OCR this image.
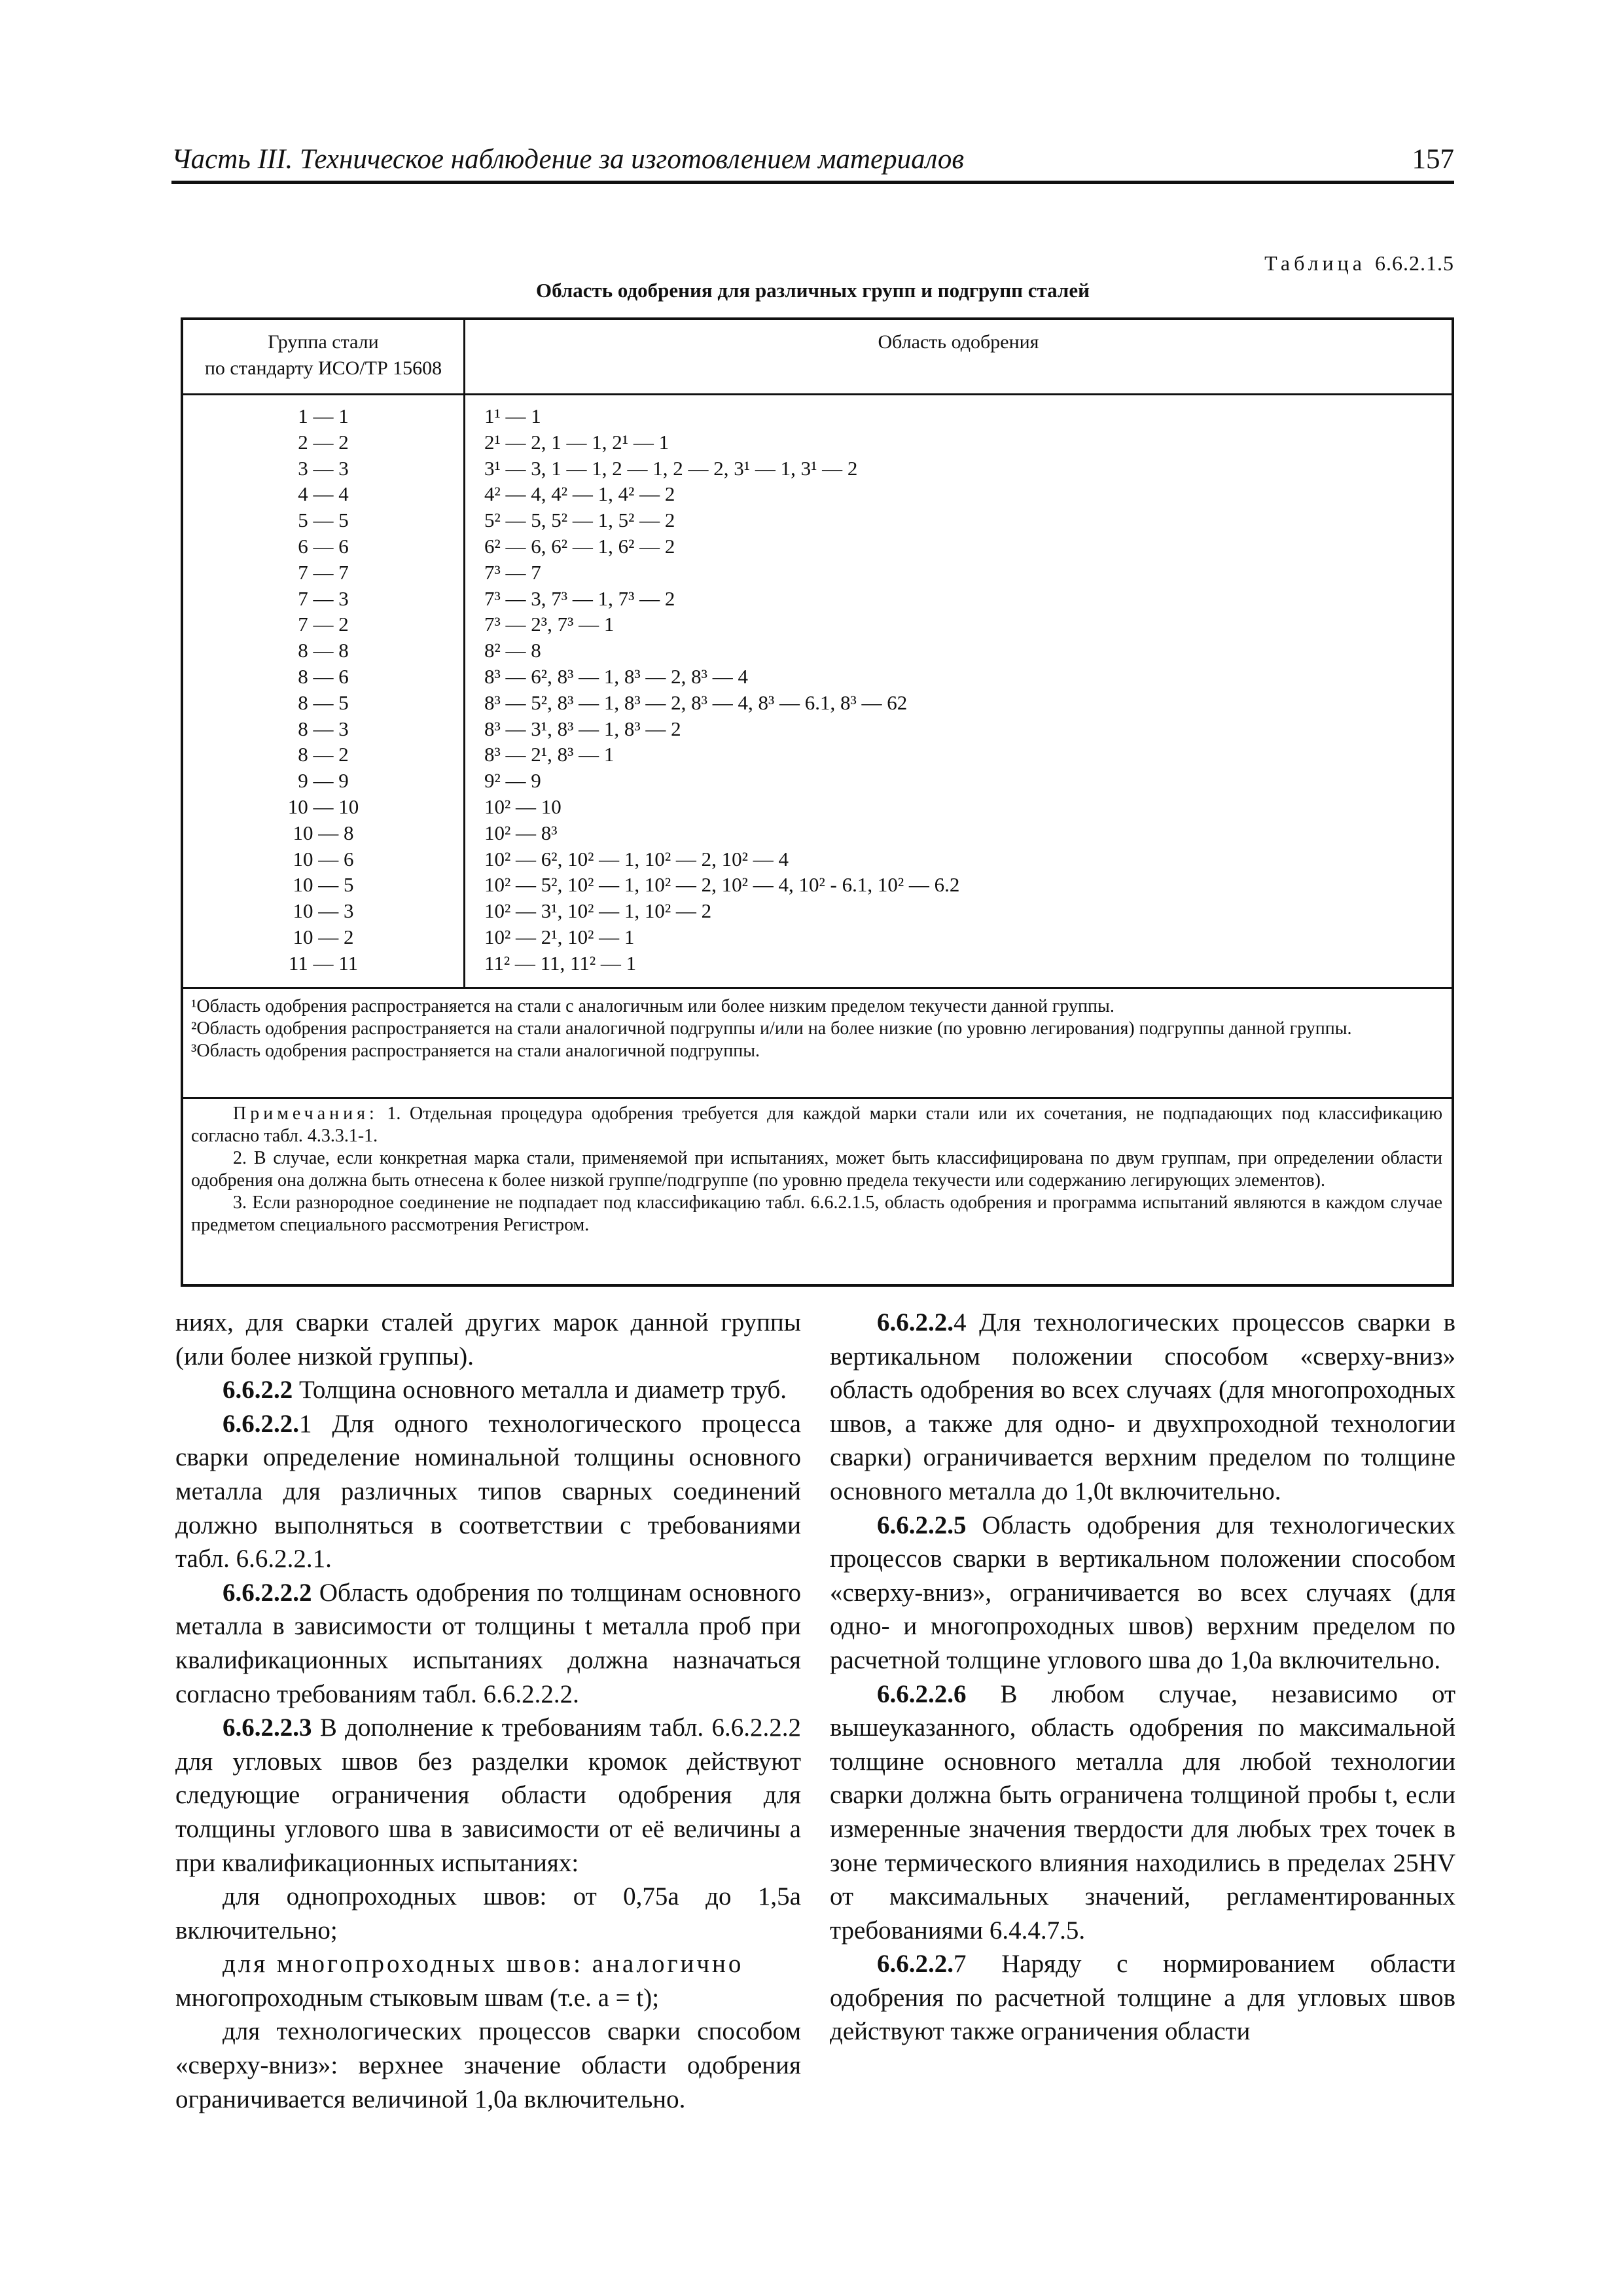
Часть III. Техническое наблюдение за изготовлением материалов	157
Таблица 6.6.2.1.5
Область одобрения для различных групп и подгрупп сталей
Группа стали
по стандарту ИСО/ТР 15608
Область одобрения
1 — 1
2 — 2
3 — 3
4 — 4
5 — 5
6 — 6
7 — 7
7 — 3
7 — 2
8 — 8
8 — 6
8 — 5
8 — 3
8 — 2
9 — 9
10 — 10
10 — 8
10 — 6
10 — 5
10 — 3
10 — 2
11 — 11
1¹ — 1
2¹ — 2, 1 — 1, 2¹ — 1
3¹ — 3, 1 — 1, 2 — 1, 2 — 2, 3¹ — 1, 3¹ — 2
4² — 4, 4² — 1, 4² — 2
5² — 5, 5² — 1, 5² — 2
6² — 6, 6² — 1, 6² — 2
7³ — 7
7³ — 3, 7³ — 1, 7³ — 2
7³ — 2³, 7³ — 1
8² — 8
8³ — 6², 8³ — 1, 8³ — 2, 8³ — 4
8³ — 5², 8³ — 1, 8³ — 2, 8³ — 4, 8³ — 6.1, 8³ — 62
8³ — 3¹, 8³ — 1, 8³ — 2
8³ — 2¹, 8³ — 1
9² — 9
10² — 10
10² — 8³
10² — 6², 10² — 1, 10² — 2, 10² — 4
10² — 5², 10² — 1, 10² — 2, 10² — 4, 10² - 6.1, 10² — 6.2
10² — 3¹, 10² — 1, 10² — 2
10² — 2¹, 10² — 1
11² — 11, 11² — 1

¹Область одобрения распространяется на стали с аналогичным или более низким пределом текучести данной группы.

²Область одобрения распространяется на стали аналогичной подгруппы и/или на более низкие (по уровню легирования) подгруппы данной группы.

³Область одобрения распространяется на стали аналогичной подгруппы.

Примечания: 1. Отдельная процедура одобрения требуется для каждой марки стали или их сочетания, не подпадающих под классификацию согласно табл. 4.3.3.1-1.

2. В случае, если конкретная марка стали, применяемой при испытаниях, может быть классифицирована по двум группам, при определении области одобрения она должна быть отнесена к более низкой группе/подгруппе (по уровню предела текучести или содержанию легирующих элементов).

3. Если разнородное соединение не подпадает под классификацию табл. 6.6.2.1.5, область одобрения и программа испытаний являются в каждом случае предметом специального рассмотрения Регистром.

ниях, для сварки сталей других марок данной группы (или более низкой группы).

6.6.2.2 Толщина основного металла и диаметр труб.

6.6.2.2.1 Для одного технологического процесса сварки определение номинальной толщины основного металла для различных типов сварных соединений должно выполняться в соответствии с требованиями табл. 6.6.2.2.1.

6.6.2.2.2 Область одобрения по толщинам основного металла в зависимости от толщины t металла проб при квалификационных испытаниях должна назначаться согласно требованиям табл. 6.6.2.2.2.

6.6.2.2.3 В дополнение к требованиям табл. 6.6.2.2.2 для угловых швов без разделки кромок действуют следующие ограничения области одобрения для толщины углового шва в зависимости от её величины а при квалификационных испытаниях:

для однопроходных швов: от 0,75a до 1,5a включительно;

для многопроходных швов: аналогично

многопроходным стыковым швам (т.е. a = t);

для технологических процессов сварки способом «сверху-вниз»: верхнее значение области одобрения ограничивается величиной 1,0a включительно.

6.6.2.2.4 Для технологических процессов сварки в вертикальном положении способом «сверху-вниз» область одобрения во всех случаях (для многопроходных швов, а также для одно- и двухпроходной технологии сварки) ограничивается верхним пределом по толщине основного металла до 1,0t включительно.

6.6.2.2.5 Область одобрения для технологических процессов сварки в вертикальном положении способом «сверху-вниз», ограничивается во всех случаях (для одно- и многопроходных швов) верхним пределом по расчетной толщине углового шва до 1,0a включительно.

6.6.2.2.6 В любом случае, независимо от вышеуказанного, область одобрения по максимальной толщине основного металла для любой технологии сварки должна быть ограничена толщиной пробы t, если измеренные значения твердости для любых трех точек в зоне термического влияния находились в пределах 25HV от максимальных значений, регламентированных требованиями 6.4.4.7.5.

6.6.2.2.7 Наряду с нормированием области одобрения по расчетной толщине а для угловых швов действуют также ограничения области
